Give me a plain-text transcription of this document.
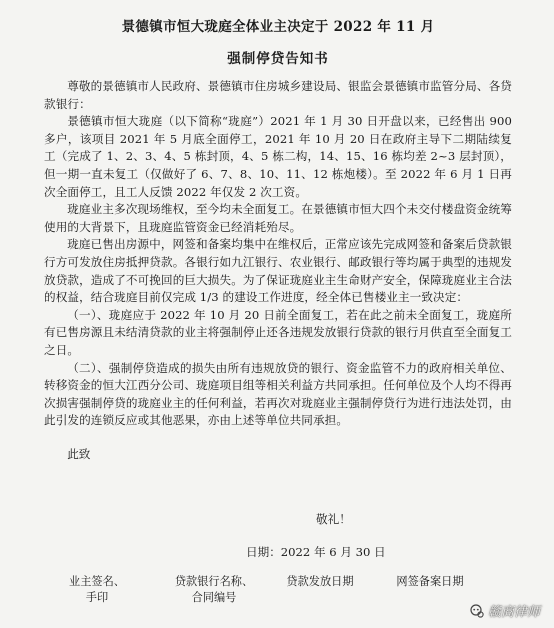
景德镇市恒大珑庭全体业主决定于 2022 年 11 月
强制停贷告知书

尊敬的景德镇市人民政府、景德镇市住房城乡建设局、银监会景德镇市监管分局、各贷款银行：

景德镇市恒大珑庭（以下简称“珑庭”）2021 年 1 月 30 日开盘以来，已经售出 900 多户，该项目 2021 年 5 月底全面停工，2021 年 10 月 20 日在政府主导下二期陆续复工（完成了 1、2、3、4、5 栋封顶，4、5 栋二构，14、15、16 栋均差 2~3 层封顶），但一期一直未复工（仅做好了 6、7、8、10、11、12 栋炮楼）。至 2022 年 6 月 1 日再次全面停工，且工人反馈 2022 年仅发 2 次工资。

珑庭业主多次现场维权，至今均未全面复工。在景德镇市恒大四个未交付楼盘资金统筹使用的大背景下，且珑庭监管资金已经消耗殆尽。

珑庭已售出房源中，网签和备案均集中在维权后，正常应该先完成网签和备案后贷款银行方可发放住房抵押贷款。各银行如九江银行、农业银行、邮政银行等均属于典型的违规发放贷款，造成了不可挽回的巨大损失。为了保证珑庭业主生命财产安全，保障珑庭业主合法的权益，结合珑庭目前仅完成 1/3 的建设工作进度，经全体已售楼业主一致决定：

（一）、珑庭应于 2022 年 10 月 20 日前全面复工，若在此之前未全面复工，珑庭所有已售房源且未结清贷款的业主将强制停止还各违规发放银行贷款的银行月供直至全面复工之日。

（二）、强制停贷造成的损失由所有违规放贷的银行、资金监管不力的政府相关单位、转移资金的恒大江西分公司、珑庭项目组等相关利益方共同承担。任何单位及个人均不得再次损害强制停贷的珑庭业主的任何利益，若再次对珑庭业主强制停贷行为进行违法处罚，由此引发的连锁反应或其他恶果，亦由上述等单位共同承担。

此致
敬礼！
日期：2022 年 6 月 30 日
业主签名、
手印
贷款银行名称、
合同编号
贷款发放日期	网签备案日期
赣商律师
